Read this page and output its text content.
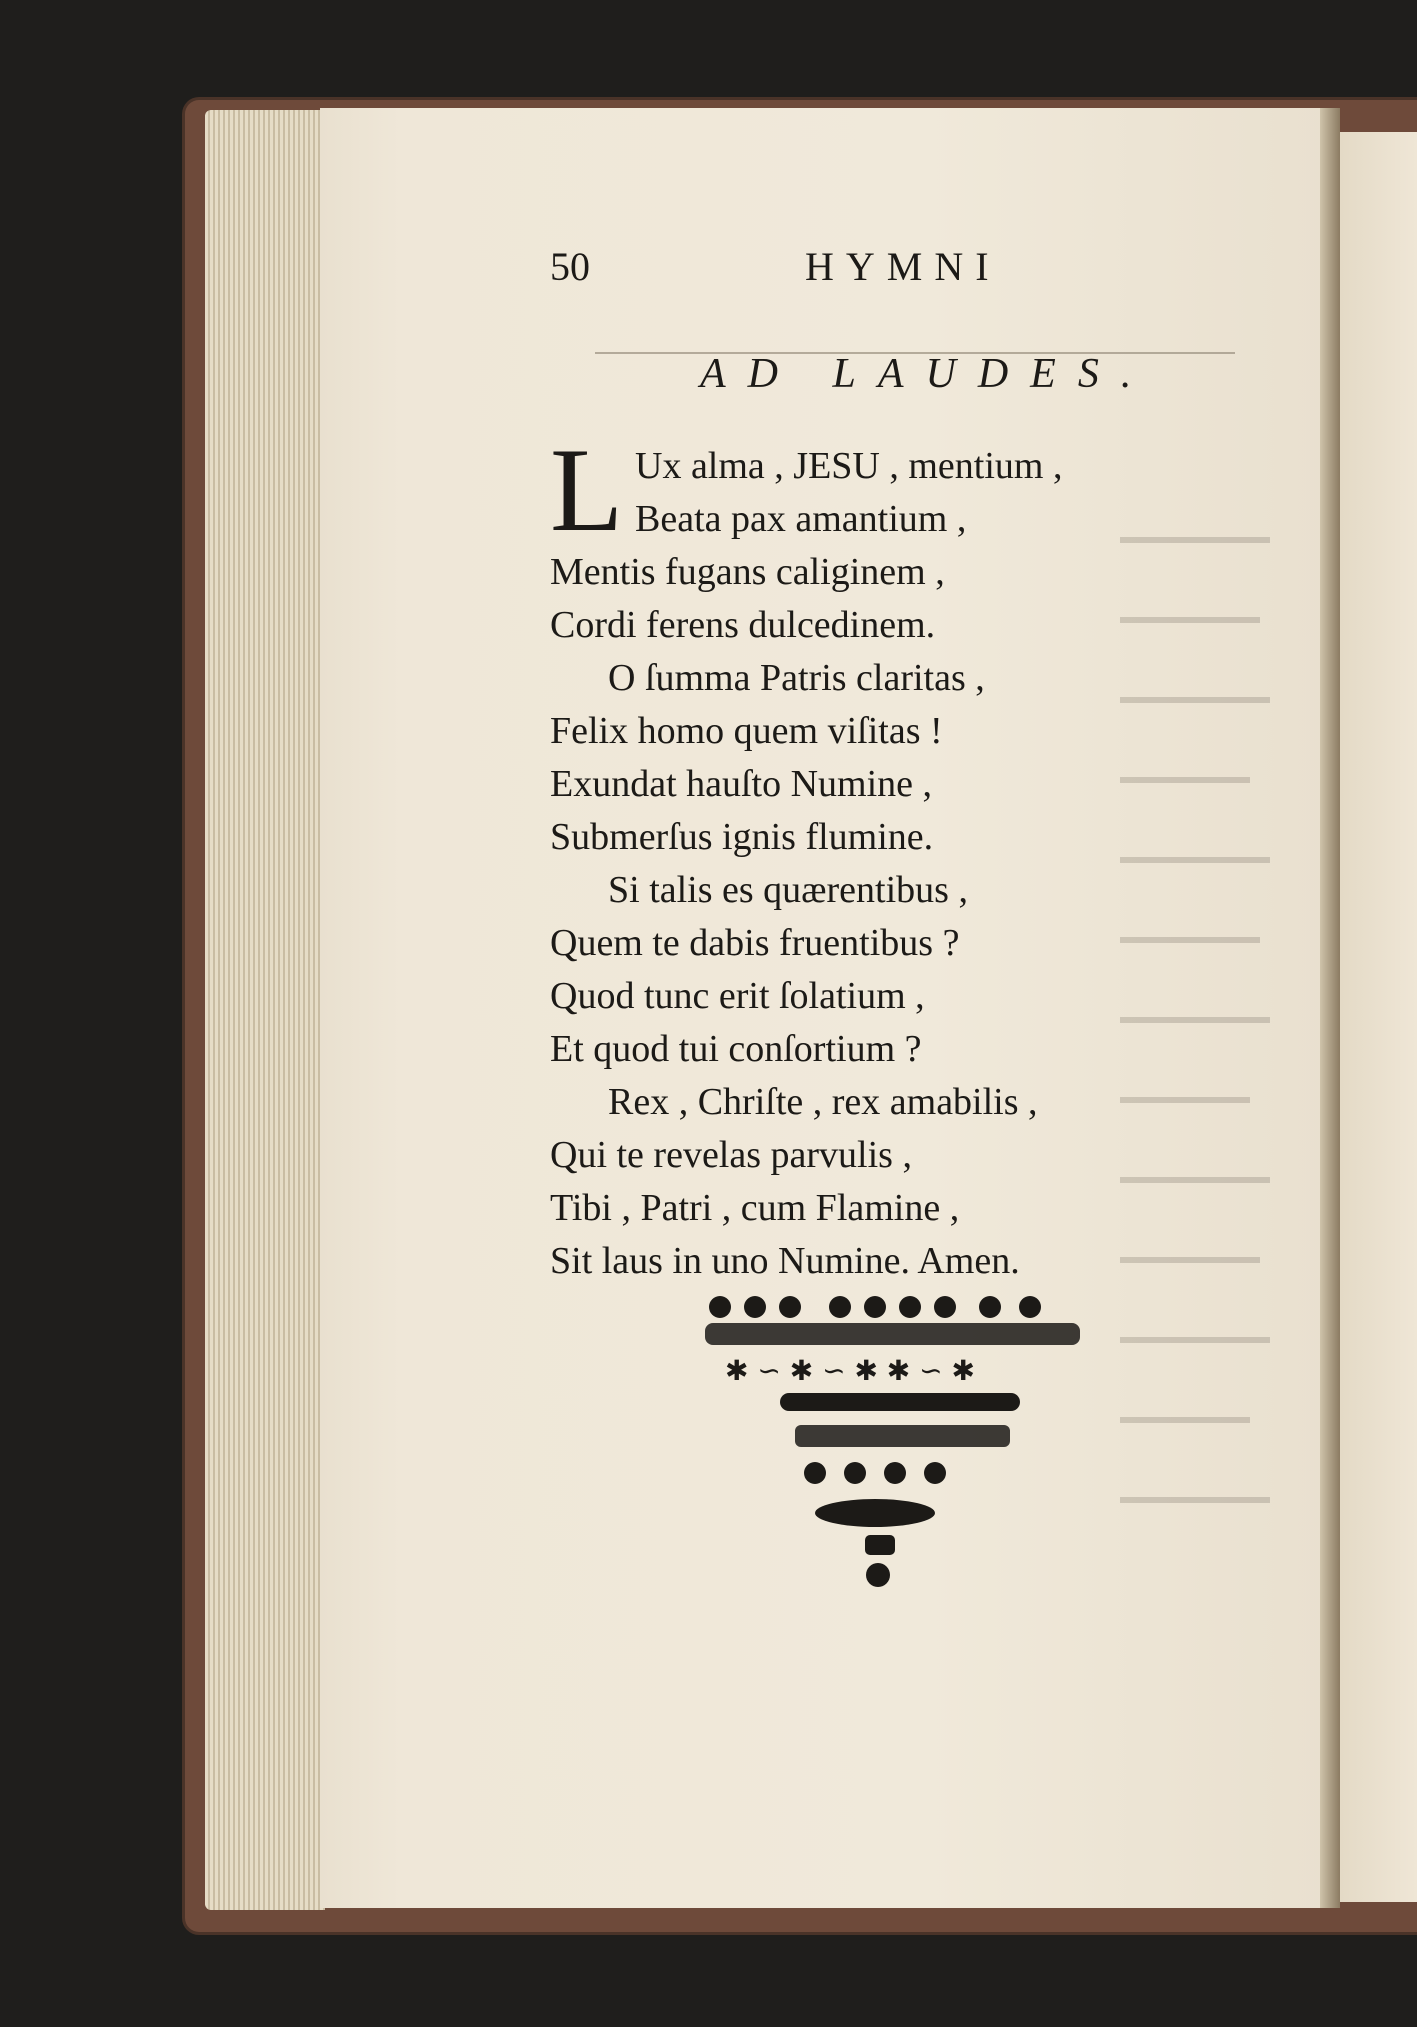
50	HYMNI
AD LAUDES.
L Ux alma , JESU , mentium ,
Beata pax amantium ,
Mentis fugans caliginem ,
Cordi ferens dulcedinem.
O ſumma Patris claritas ,
Felix homo quem viſitas !
Exundat hauſto Numine ,
Submerſus ignis flumine.
Si talis es quærentibus ,
Quem te dabis fruentibus ?
Quod tunc erit ſolatium ,
Et quod tui conſortium ?
Rex , Chriſte , rex amabilis ,
Qui te revelas parvulis ,
Tibi , Patri , cum Flamine ,
Sit laus in uno Numine. Amen.
✱ ∽ ✱ ∽ ✱ ✱ ∽ ✱
